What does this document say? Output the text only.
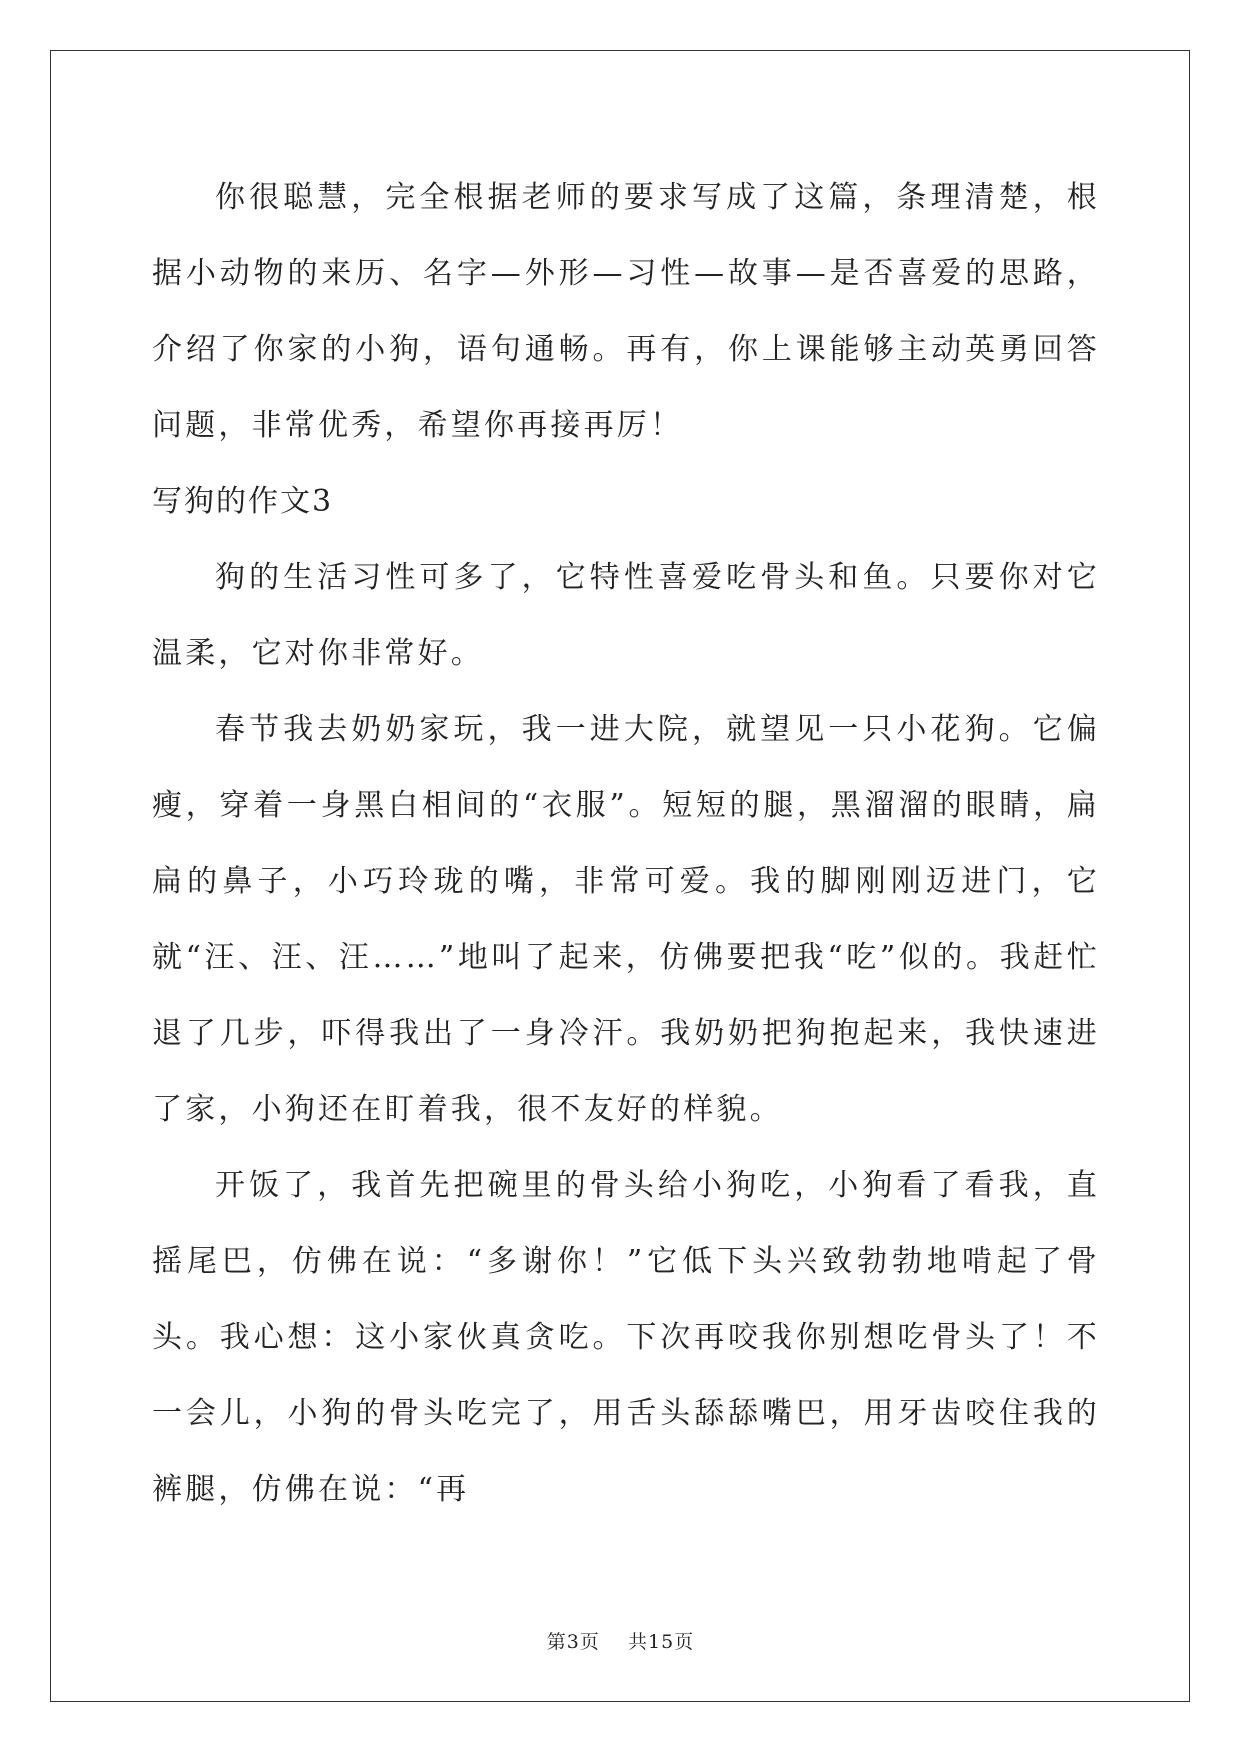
你很聪慧，完全根据老师的要求写成了这篇，条理清楚，根据小动物的来历、名字—外形—习性—故事—是否喜爱的思路，介绍了你家的小狗，语句通畅。再有，你上课能够主动英勇回答问题，非常优秀，希望你再接再厉！

写狗的作文3

狗的生活习性可多了，它特性喜爱吃骨头和鱼。只要你对它温柔，它对你非常好。

春节我去奶奶家玩，我一进大院，就望见一只小花狗。它偏瘦，穿着一身黑白相间的“衣服”。短短的腿，黑溜溜的眼睛，扁扁的鼻子，小巧玲珑的嘴，非常可爱。我的脚刚刚迈进门，它就“汪、汪、汪……”地叫了起来，仿佛要把我“吃”似的。我赶忙退了几步，吓得我出了一身冷汗。我奶奶把狗抱起来，我快速进了家，小狗还在盯着我，很不友好的样貌。

开饭了，我首先把碗里的骨头给小狗吃，小狗看了看我，直摇尾巴，仿佛在说：“多谢你！”它低下头兴致勃勃地啃起了骨头。我心想：这小家伙真贪吃。下次再咬我你别想吃骨头了！不一会儿，小狗的骨头吃完了，用舌头舔舔嘴巴，用牙齿咬住我的裤腿，仿佛在说：“再

第3页 共15页
